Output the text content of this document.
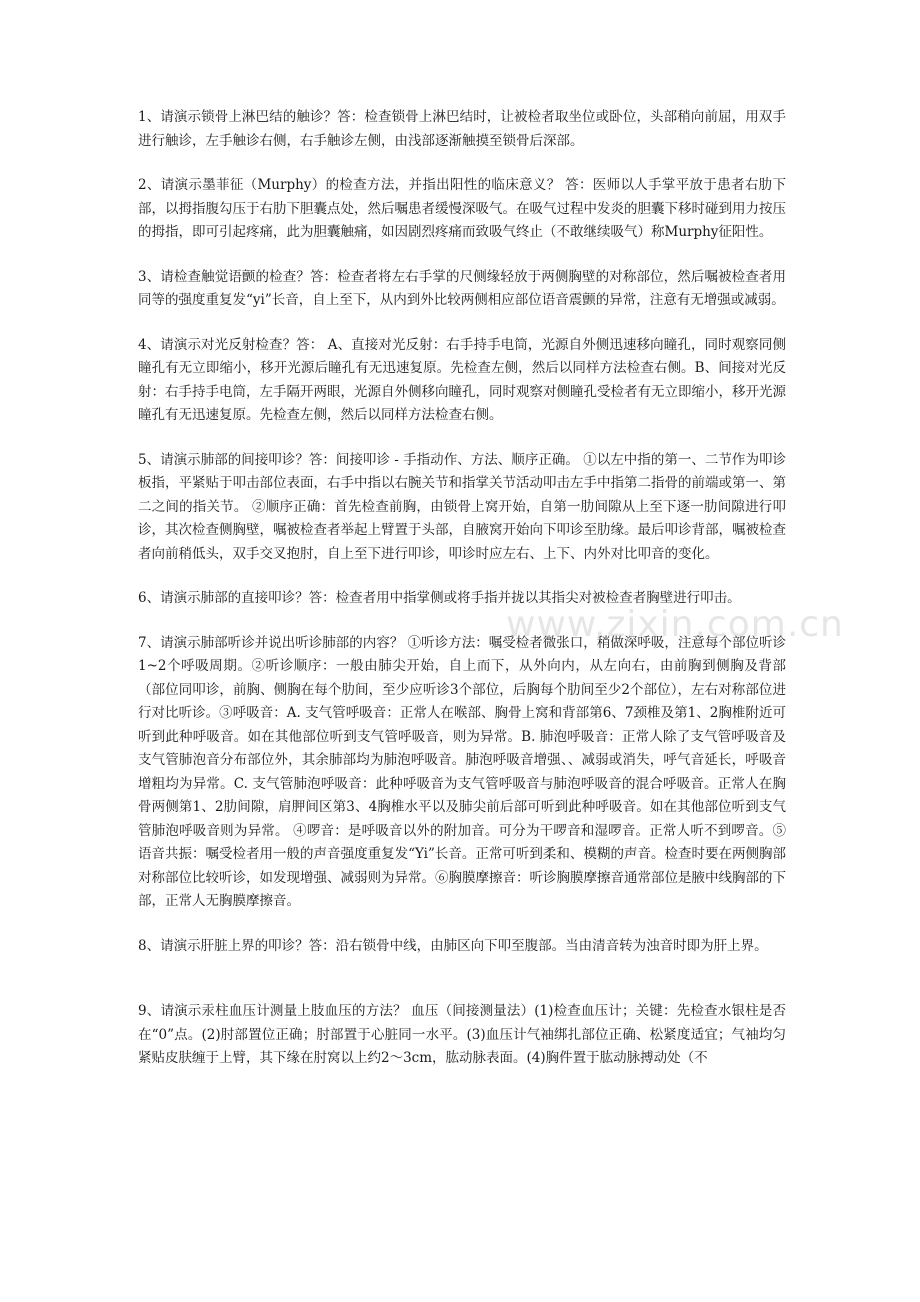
1、请演示锁骨上淋巴结的触诊？答：检查锁骨上淋巴结时，让被检者取坐位或卧位，头部稍向前屈，用双手进行触诊，左手触诊右侧，右手触诊左侧，由浅部逐渐触摸至锁骨后深部。

2、请演示墨菲征（Murphy）的检查方法，并指出阳性的临床意义？ 答：医师以人手掌平放于患者右肋下部，以拇指腹勾压于右肋下胆囊点处，然后嘱患者缓慢深吸气。在吸气过程中发炎的胆囊下移时碰到用力按压的拇指，即可引起疼痛，此为胆囊触痛，如因剧烈疼痛而致吸气终止（不敢继续吸气）称Murphy征阳性。

3、请检查触觉语颤的检查？答：检查者将左右手掌的尺侧缘轻放于两侧胸壁的对称部位，然后嘱被检查者用同等的强度重复发“yi”长音，自上至下，从内到外比较两侧相应部位语音震颤的异常，注意有无增强或减弱。

4、请演示对光反射检查？答： A、直接对光反射：右手持手电筒，光源自外侧迅速移向瞳孔，同时观察同侧瞳孔有无立即缩小，移开光源后瞳孔有无迅速复原。先检查左侧，然后以同样方法检查右侧。B、间接对光反射：右手持手电筒，左手隔开两眼，光源自外侧移向瞳孔，同时观察对侧瞳孔受检者有无立即缩小，移开光源瞳孔有无迅速复原。先检查左侧，然后以同样方法检查右侧。

5、请演示肺部的间接叩诊？答：间接叩诊 - 手指动作、方法、顺序正确。 ①以左中指的第一、二节作为叩诊板指，平紧贴于叩击部位表面，右手中指以右腕关节和指掌关节活动叩击左手中指第二指骨的前端或第一、第二之间的指关节。 ②顺序正确：首先检查前胸，由锁骨上窝开始，自第一肋间隙从上至下逐一肋间隙进行叩诊，其次检查侧胸壁，嘱被检查者举起上臂置于头部，自腋窝开始向下叩诊至肋缘。最后叩诊背部，嘱被检查者向前稍低头，双手交叉抱肘，自上至下进行叩诊，叩诊时应左右、上下、内外对比叩音的变化。

6、请演示肺部的直接叩诊？答：检查者用中指掌侧或将手指并拢以其指尖对被检查者胸壁进行叩击。

7、请演示肺部听诊并说出听诊肺部的内容？ ①听诊方法：嘱受检者微张口，稍做深呼吸，注意每个部位听诊1~2个呼吸周期。②听诊顺序：一般由肺尖开始，自上而下，从外向内，从左向右，由前胸到侧胸及背部（部位同叩诊，前胸、侧胸在每个肋间，至少应听诊3个部位，后胸每个肋间至少2个部位），左右对称部位进行对比听诊。③呼吸音：A. 支气管呼吸音：正常人在喉部、胸骨上窝和背部第6、7颈椎及第1、2胸椎附近可听到此种呼吸音。如在其他部位听到支气管呼吸音，则为异常。B. 肺泡呼吸音：正常人除了支气管呼吸音及支气管肺泡音分布部位外，其余肺部均为肺泡呼吸音。肺泡呼吸音增强、、减弱或消失，呼气音延长，呼吸音增粗均为异常。C. 支气管肺泡呼吸音：此种呼吸音为支气管呼吸音与肺泡呼吸音的混合呼吸音。正常人在胸骨两侧第1、2肋间隙，肩胛间区第3、4胸椎水平以及肺尖前后部可听到此种呼吸音。如在其他部位听到支气管肺泡呼吸音则为异常。 ④啰音：是呼吸音以外的附加音。可分为干啰音和湿啰音。正常人听不到啰音。⑤语音共振：嘱受检者用一般的声音强度重复发“Yi”长音。正常可听到柔和、模糊的声音。检查时要在两侧胸部对称部位比较听诊，如发现增强、减弱则为异常。⑥胸膜摩擦音：听诊胸膜摩擦音通常部位是腋中线胸部的下部，正常人无胸膜摩擦音。

8、请演示肝脏上界的叩诊？答：沿右锁骨中线，由肺区向下叩至腹部。当由清音转为浊音时即为肝上界。

9、请演示汞柱血压计测量上肢血压的方法？ 血压（间接测量法）(1)检查血压计；关键：先检查水银柱是否在“0”点。(2)肘部置位正确；肘部置于心脏同一水平。(3)血压计气袖绑扎部位正确、松紧度适宜；气袖均匀紧贴皮肤缠于上臂，其下缘在肘窝以上约2～3cm，肱动脉表面。(4)胸件置于肱动脉搏动处（不

www.zixin.com.cn
